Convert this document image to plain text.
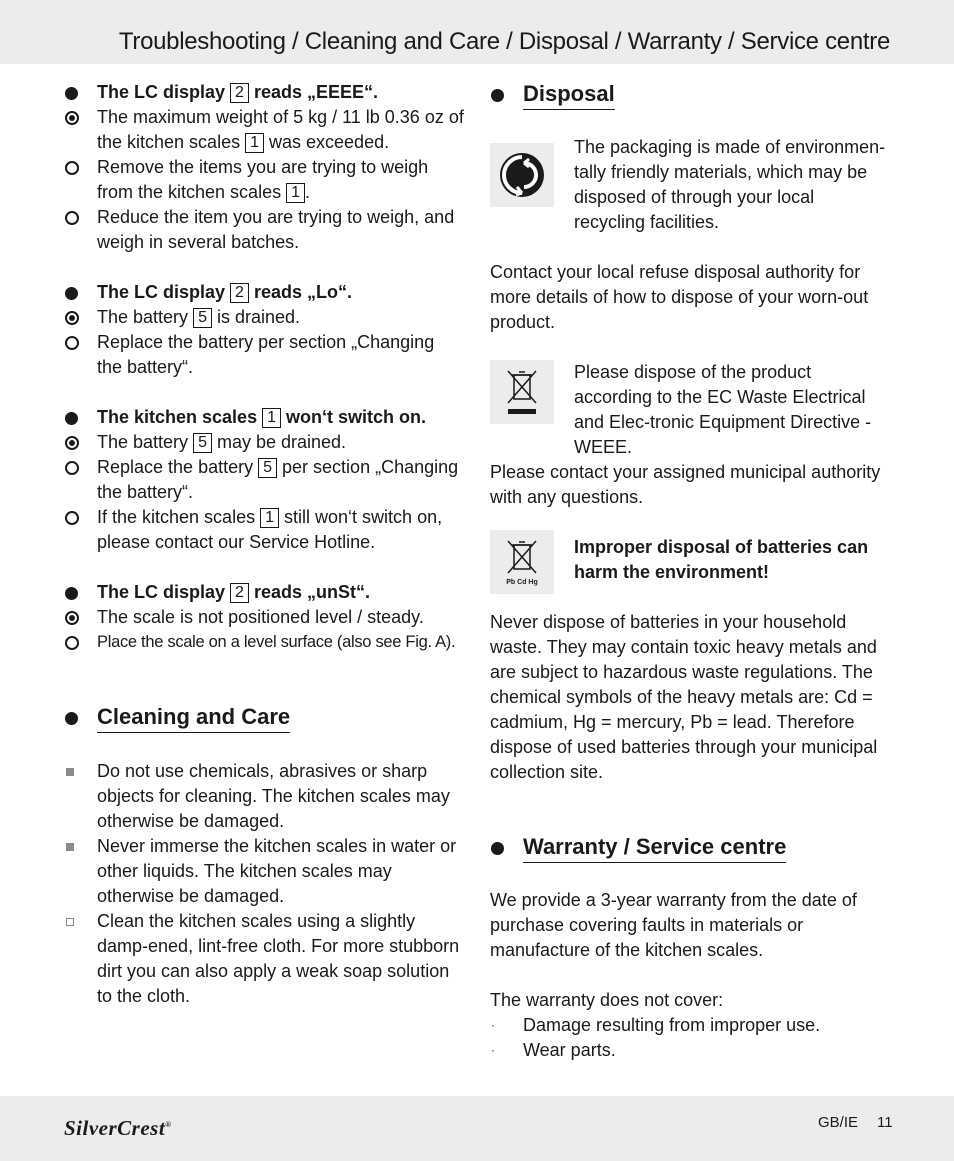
Troubleshooting / Cleaning and Care / Disposal / Warranty / Service centre
The LC display 2 reads „EEEE“.
The maximum weight of 5 kg / 11 lb 0.36 oz of the kitchen scales 1 was exceeded.
Remove the items you are trying to weigh from the kitchen scales 1 .
Reduce the item you are trying to weigh, and weigh in several batches.
The LC display 2 reads „Lo“.
The battery 5 is drained.
Replace the battery per section „Changing the battery“.
The kitchen scales 1 won‘t switch on.
The battery 5 may be drained.
Replace the battery 5 per section „Changing the battery“.
If the kitchen scales 1 still won‘t switch on, please contact our Service Hotline.
The LC display 2 reads „unSt“.
The scale is not positioned level / steady.
Place the scale on a level surface (also see Fig. A).
Cleaning and Care
Do not use chemicals, abrasives or sharp objects for cleaning. The kitchen scales may otherwise be damaged.
Never immerse the kitchen scales in water or other liquids. The kitchen scales may otherwise be damaged.
Clean the kitchen scales using a slightly damp-ened, lint-free cloth. For more stubborn dirt you can also apply a weak soap solution to the cloth.
Disposal
The packaging is made of environmen-tally friendly materials, which may be disposed of through your local recycling facilities.
Contact your local refuse disposal authority for more details of how to dispose of your worn-out product.
Please dispose of the product according to the EC Waste Electrical and Elec-tronic Equipment Directive - WEEE.
Please contact your assigned municipal authority with any questions.
Pb Cd Hg
Improper disposal of batteries can harm the environment!
Never dispose of batteries in your household waste. They may contain toxic heavy metals and are subject to hazardous waste regulations. The chemical symbols of the heavy metals are: Cd = cadmium, Hg = mercury, Pb = lead. Therefore dispose of used batteries through your municipal collection site.
Warranty / Service centre
We provide a 3-year warranty from the date of purchase covering faults in materials or manufacture of the kitchen scales.
The warranty does not cover:
· Damage resulting from improper use.
· Wear parts.
SilverCrest®	GB/IE 11
